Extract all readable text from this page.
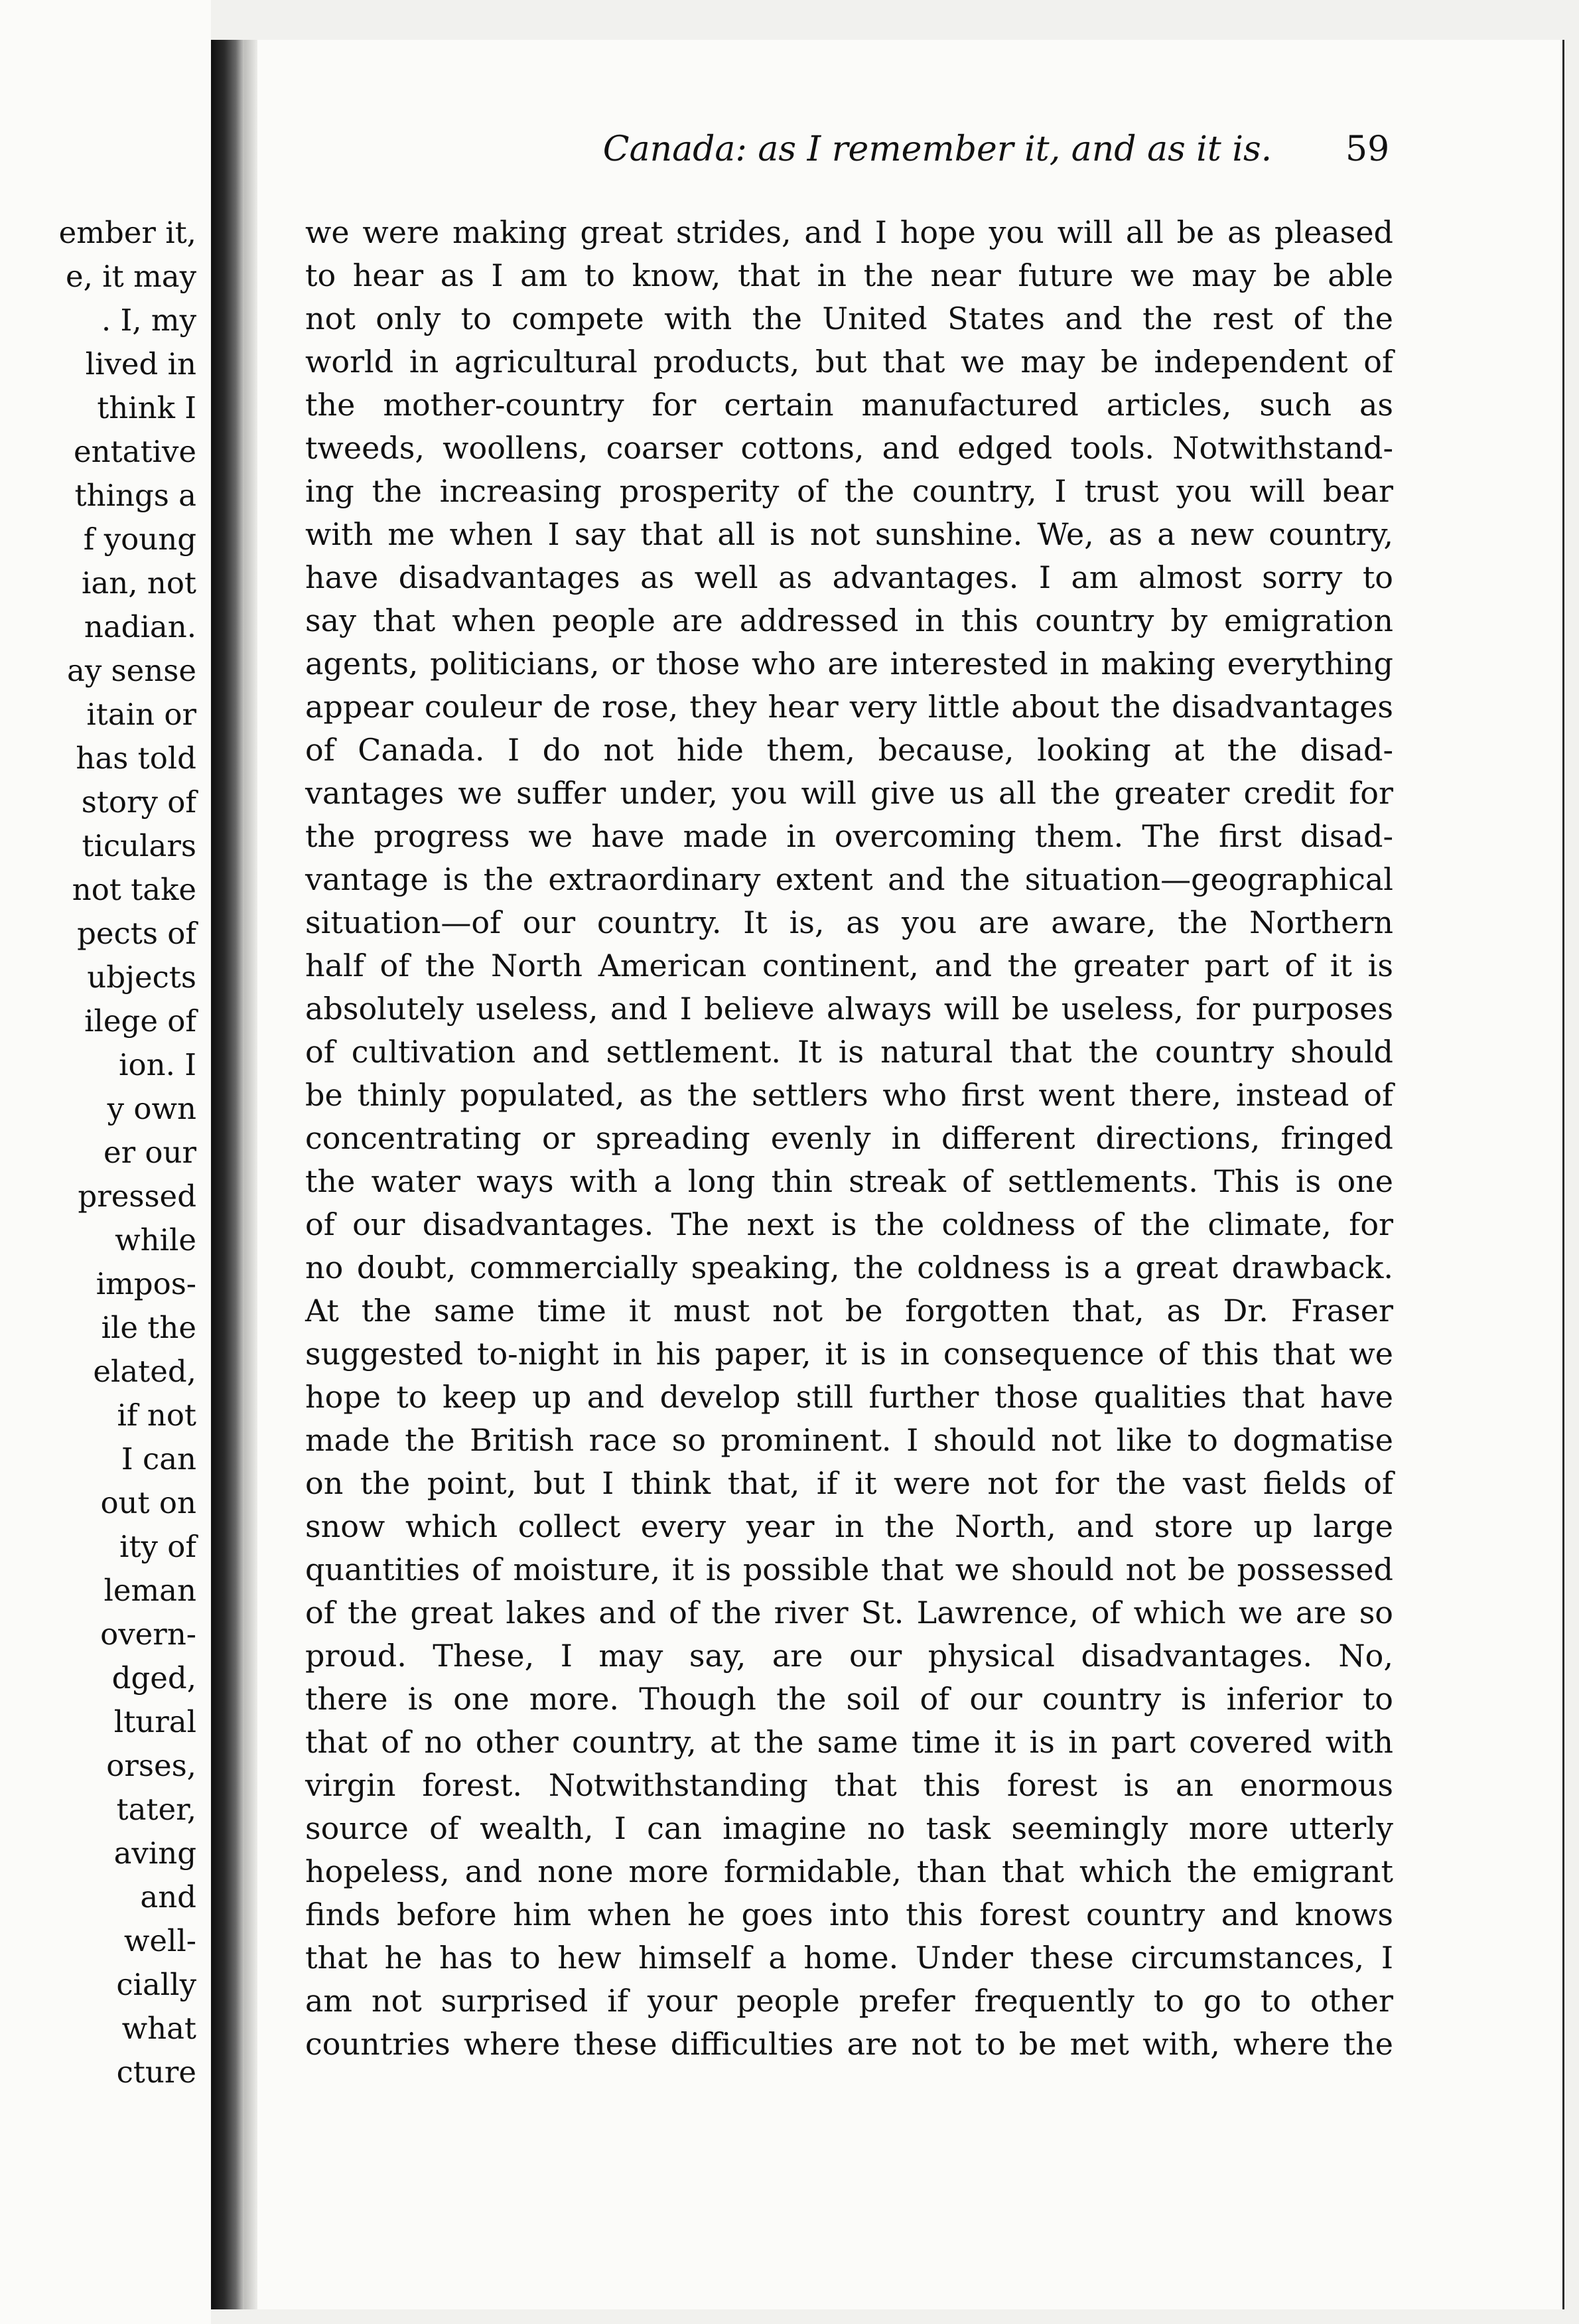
ember it,
e, it may
. I, my
lived in
think I
entative
things a
f young
ian, not
nadian.
ay sense
itain or
has told
story of
ticulars
not take
pects of
ubjects
ilege of
ion. I
y own
er our
pressed
while
impos-
ile the
elated,
if not
I can
out on
ity of
leman
overn-
dged,
ltural
orses,
tater,
aving
and
well-
cially
what
cture
Canada: as I remember it, and as it is.	59
we were making great strides, and I hope you will all be as pleased
to hear as I am to know, that in the near future we may be able
not only to compete with the United States and the rest of the
world in agricultural products, but that we may be independent of
the mother-country for certain manufactured articles, such as
tweeds, woollens, coarser cottons, and edged tools. Notwithstand-
ing the increasing prosperity of the country, I trust you will bear
with me when I say that all is not sunshine. We, as a new country,
have disadvantages as well as advantages. I am almost sorry to
say that when people are addressed in this country by emigration
agents, politicians, or those who are interested in making everything
appear couleur de rose, they hear very little about the disadvantages
of Canada. I do not hide them, because, looking at the disad-
vantages we suffer under, you will give us all the greater credit for
the progress we have made in overcoming them. The first disad-
vantage is the extraordinary extent and the situation—geographical
situation—of our country. It is, as you are aware, the Northern
half of the North American continent, and the greater part of it is
absolutely useless, and I believe always will be useless, for purposes
of cultivation and settlement. It is natural that the country should
be thinly populated, as the settlers who first went there, instead of
concentrating or spreading evenly in different directions, fringed
the water ways with a long thin streak of settlements. This is one
of our disadvantages. The next is the coldness of the climate, for
no doubt, commercially speaking, the coldness is a great drawback.
At the same time it must not be forgotten that, as Dr. Fraser
suggested to-night in his paper, it is in consequence of this that we
hope to keep up and develop still further those qualities that have
made the British race so prominent. I should not like to dogmatise
on the point, but I think that, if it were not for the vast fields of
snow which collect every year in the North, and store up large
quantities of moisture, it is possible that we should not be possessed
of the great lakes and of the river St. Lawrence, of which we are so
proud. These, I may say, are our physical disadvantages. No,
there is one more. Though the soil of our country is inferior to
that of no other country, at the same time it is in part covered with
virgin forest. Notwithstanding that this forest is an enormous
source of wealth, I can imagine no task seemingly more utterly
hopeless, and none more formidable, than that which the emigrant
finds before him when he goes into this forest country and knows
that he has to hew himself a home. Under these circumstances, I
am not surprised if your people prefer frequently to go to other
countries where these difficulties are not to be met with, where the
